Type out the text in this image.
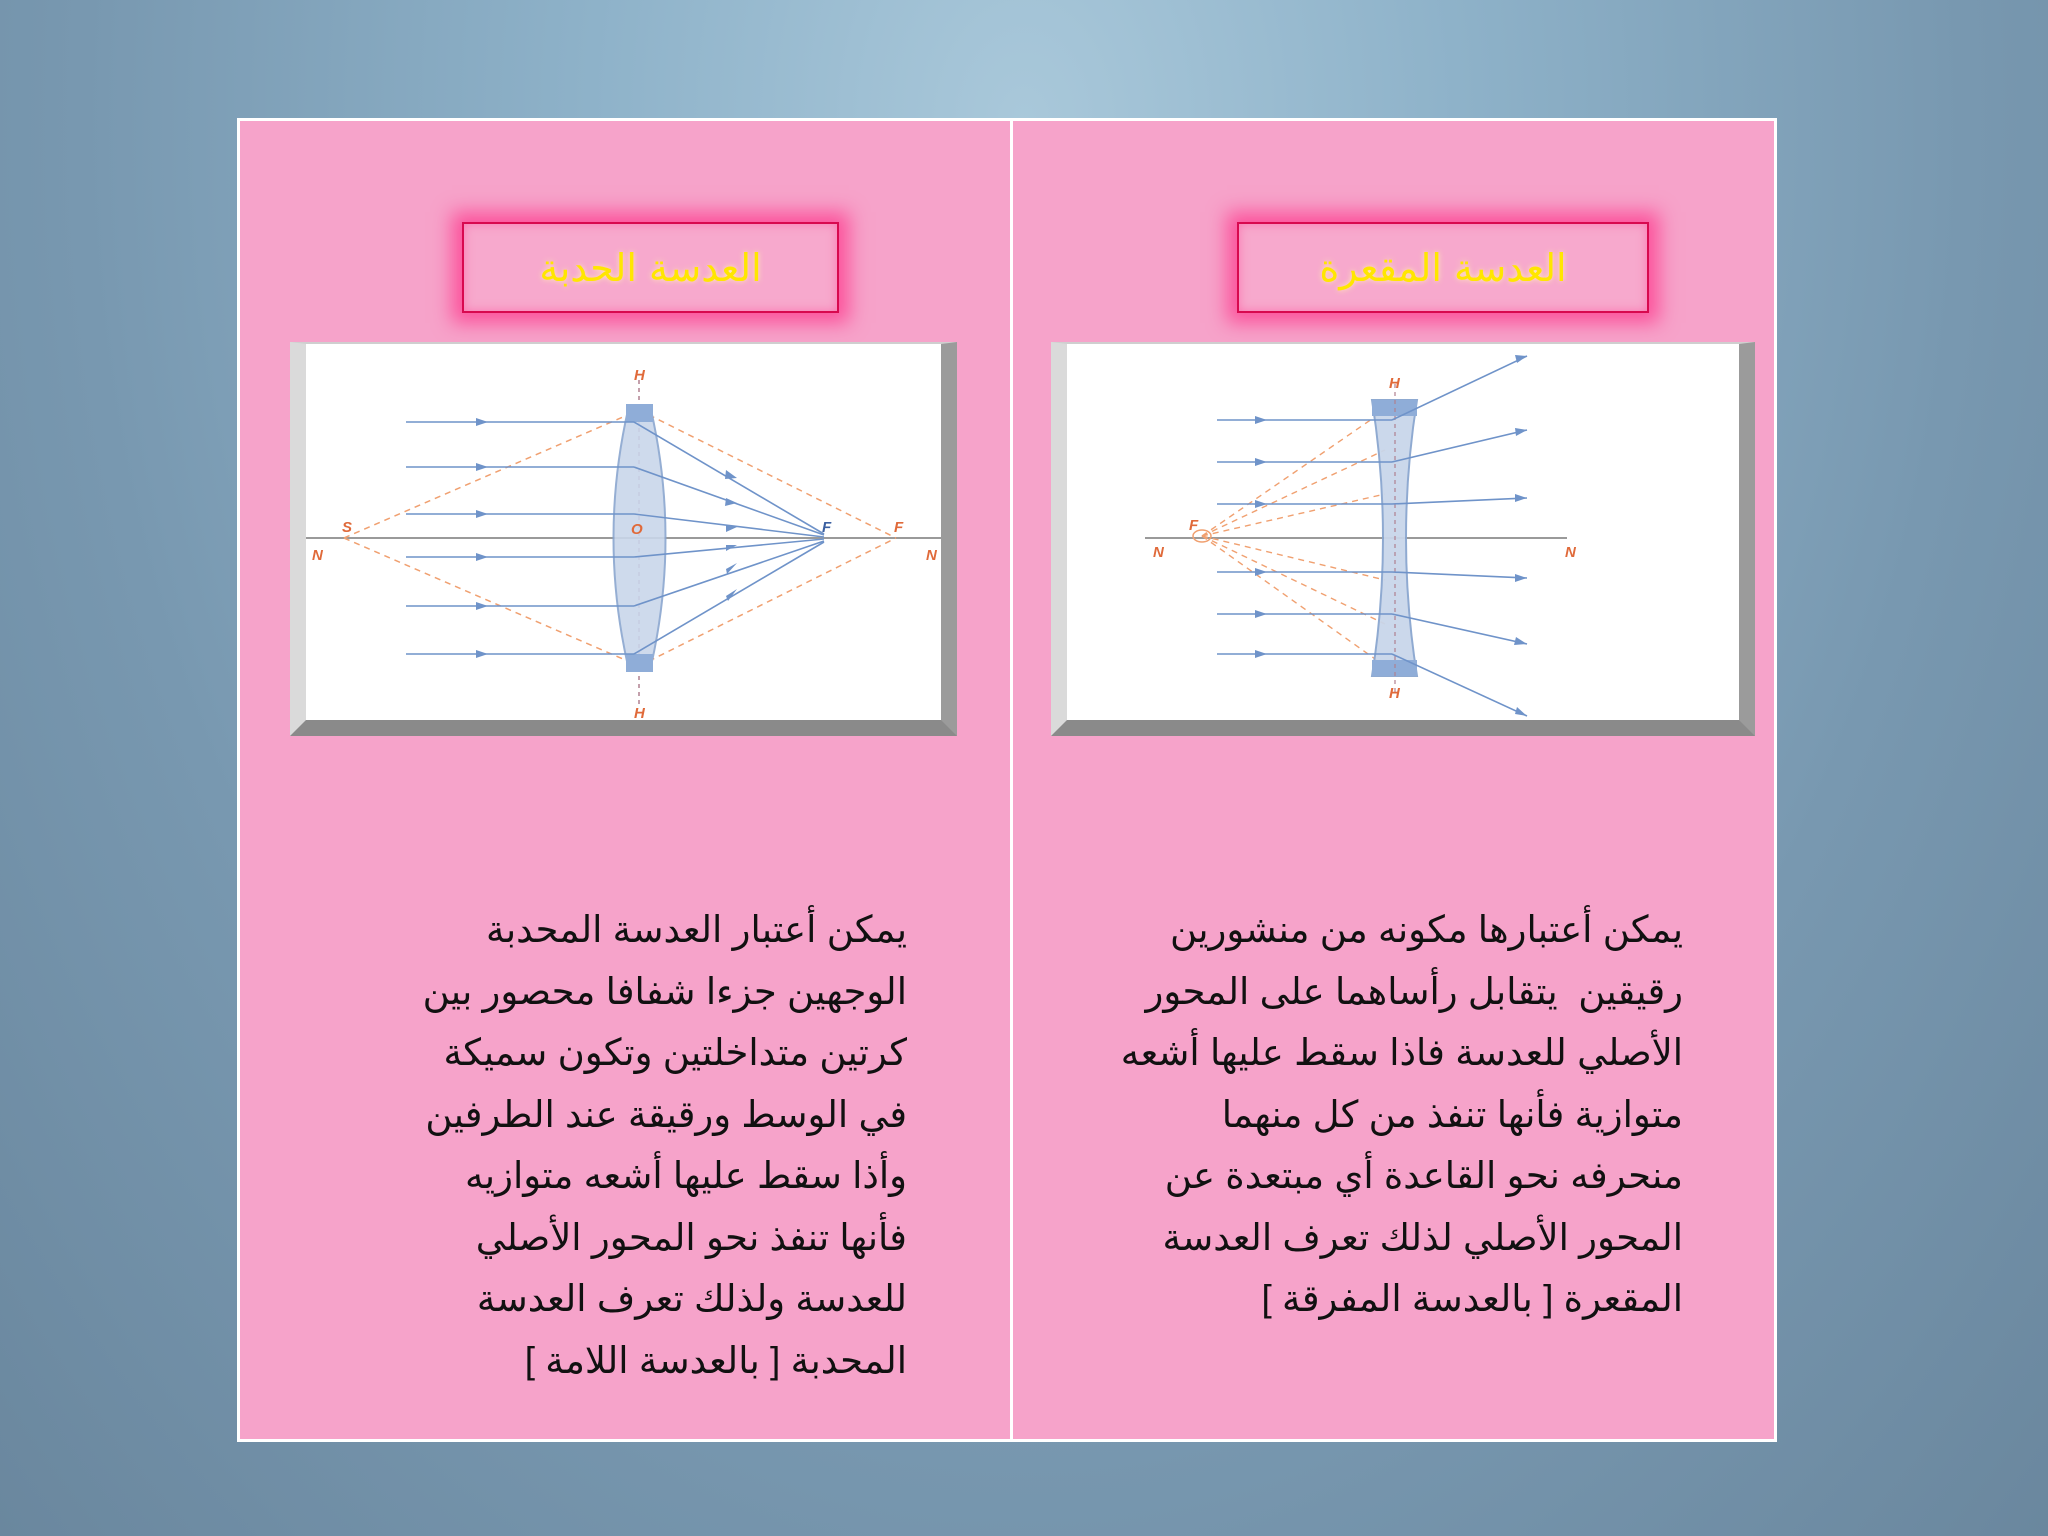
العدسة الحدبة
H
H
O
N	N
S	F	F
يمكن أعتبار العدسة المحدبة
الوجهين جزءا شفافا محصور بين
كرتين متداخلتين وتكون سميكة
في الوسط ورقيقة عند الطرفين
وأذا سقط عليها أشعه متوازيه
فأنها تنفذ نحو المحور الأصلي
للعدسة ولذلك تعرف العدسة
المحدبة [ بالعدسة اللامة ]
العدسة المقعرة
H
H
N	N
F
يمكن أعتبارها مكونه من منشورين
رقيقين  يتقابل رأساهما على المحور
الأصلي للعدسة فاذا سقط عليها أشعه
متوازية فأنها تنفذ من كل منهما
منحرفه نحو القاعدة أي مبتعدة عن
المحور الأصلي لذلك تعرف العدسة
المقعرة [ بالعدسة المفرقة ]
